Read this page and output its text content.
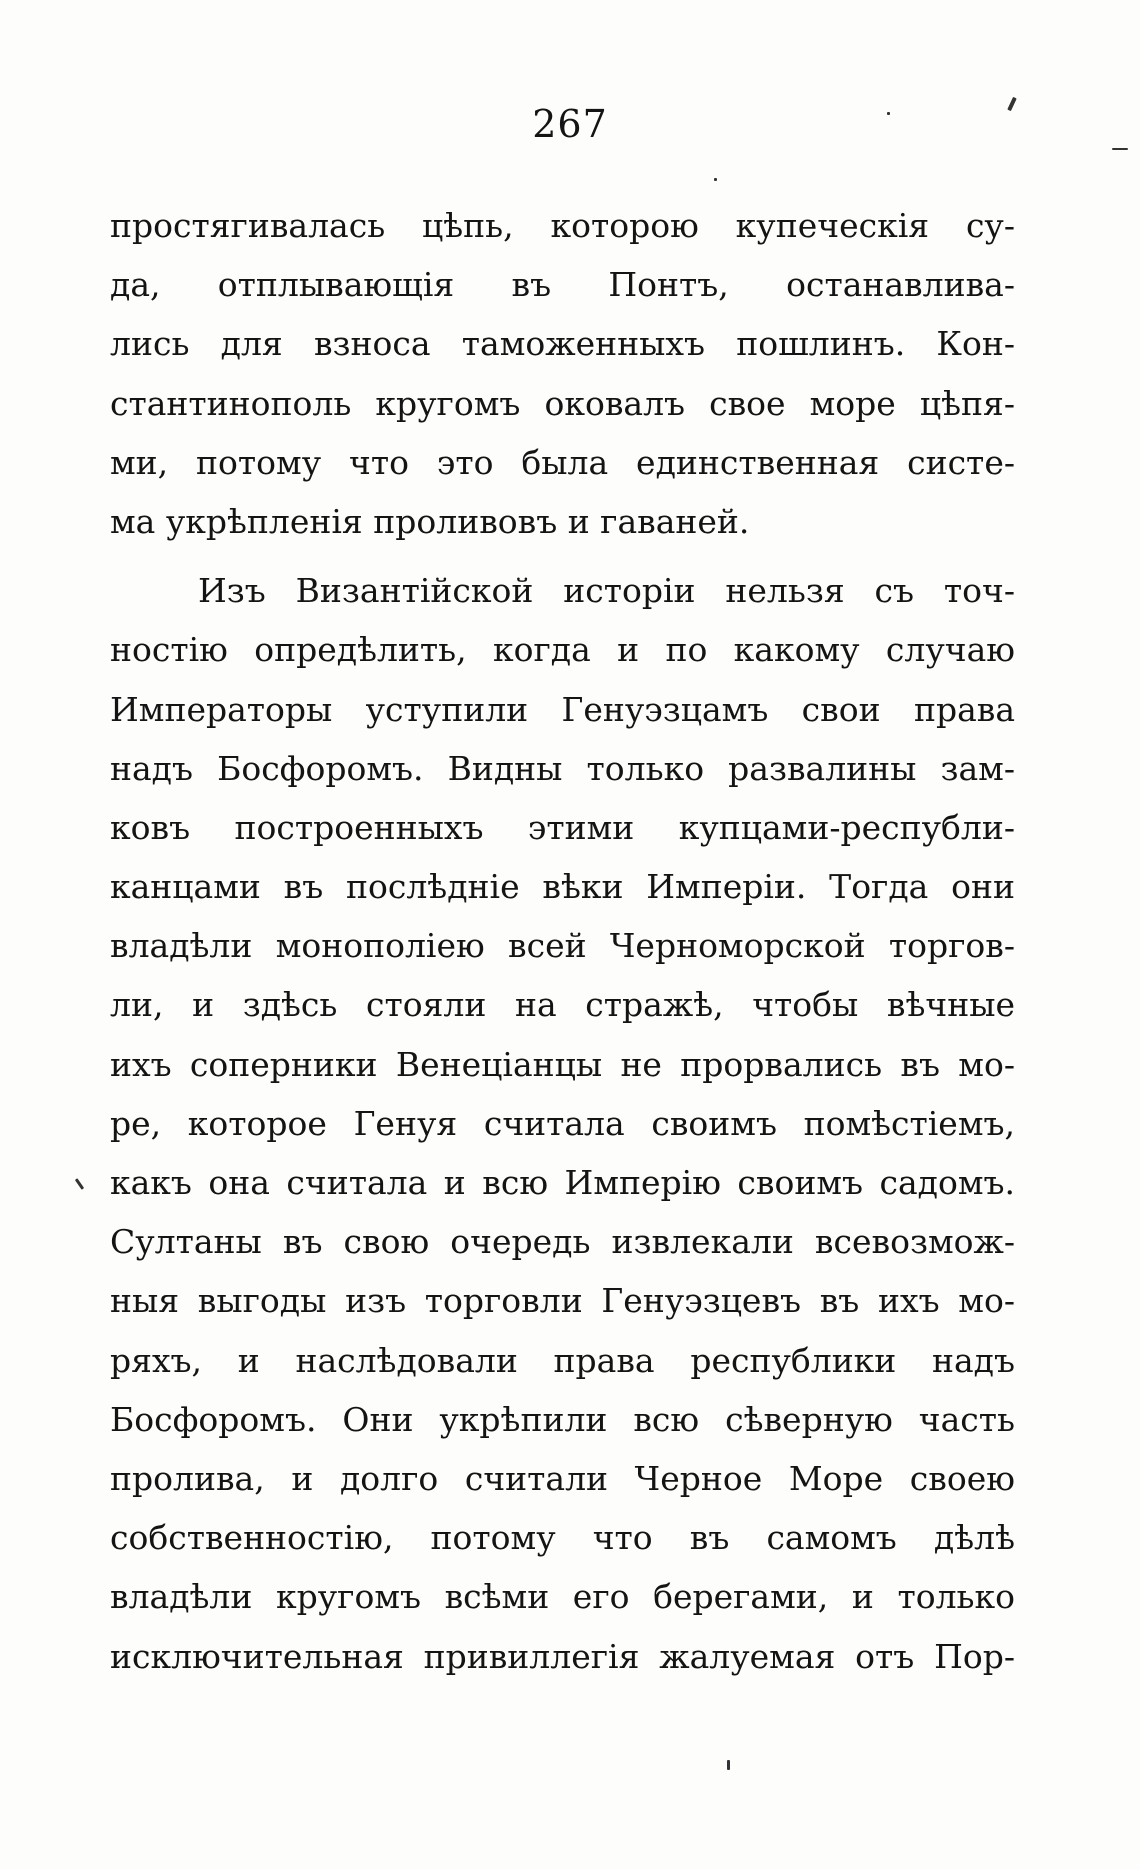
267
простягивалась цѣпь, которою купеческія су-
да, отплывающія въ Понтъ, останавлива-
лись для взноса таможенныхъ пошлинъ. Кон-
стантинополь кругомъ оковалъ свое море цѣпя-
ми, потому что это была единственная систе-
ма укрѣпленія проливовъ и гаваней.
Изъ Византійской исторіи нельзя съ точ-
ностію опредѣлить, когда и по какому случаю
Императоры уступили Генуэзцамъ свои права
надъ Босфоромъ. Видны только развалины зам-
ковъ построенныхъ этими купцами-республи-
канцами въ послѣдніе вѣки Имперіи. Тогда они
владѣли монополіею всей Черноморской торгов-
ли, и здѣсь стояли на стражѣ, чтобы вѣчные
ихъ соперники Венеціанцы не прорвались въ мо-
ре, которое Генуя считала своимъ помѣстіемъ,
какъ она считала и всю Имперію своимъ садомъ.
Султаны въ свою очередь извлекали всевозмож-
ныя выгоды изъ торговли Генуэзцевъ въ ихъ мо-
ряхъ, и наслѣдовали права республики надъ
Босфоромъ. Они укрѣпили всю сѣверную часть
пролива, и долго считали Черное Море своею
собственностію, потому что въ самомъ дѣлѣ
владѣли кругомъ всѣми его берегами, и только
исключительная привиллегія жалуемая отъ Пор-
